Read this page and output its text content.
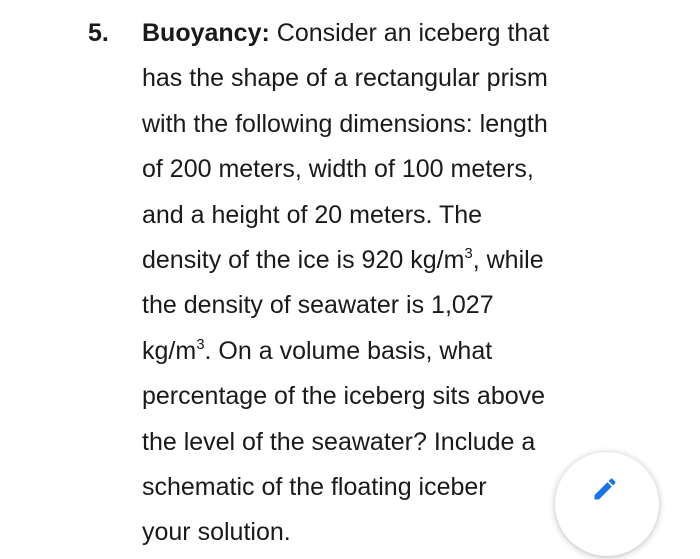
5. Buoyancy: Consider an iceberg that
has the shape of a rectangular prism
with the following dimensions: length
of 200 meters, width of 100 meters,
and a height of 20 meters. The
density of the ice is 920 $kg/m^3$, while
the density of seawater is 1,027
$kg/m^3$. On a volume basis, what
percentage of the iceberg sits above
the level of the seawater? Include a
schematic of the floating iceber
your solution.
